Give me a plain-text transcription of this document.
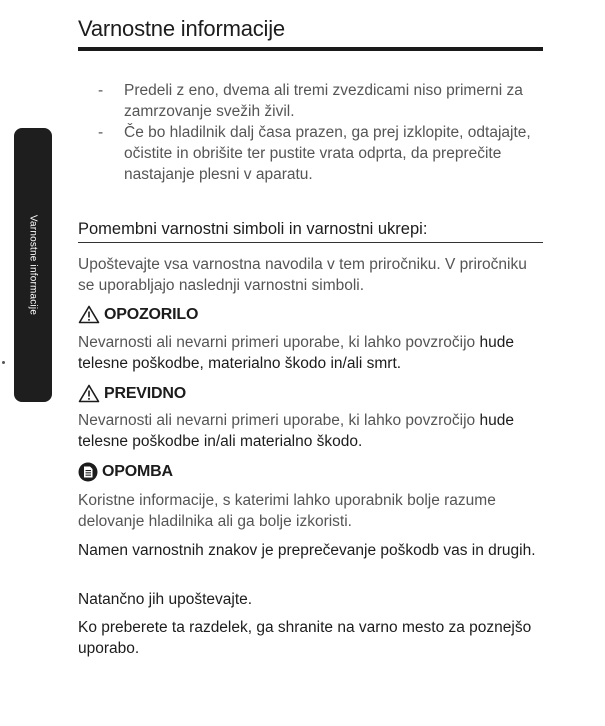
Varnostne informacije
Varnostne informacije
- Predeli z eno, dvema ali tremi zvezdicami niso primerni za zamrzovanje svežih živil.
- Če bo hladilnik dalj časa prazen, ga prej izklopite, odtajajte, očistite in obrišite ter pustite vrata odprta, da preprečite nastajanje plesni v aparatu.
Pomembni varnostni simboli in varnostni ukrepi:

Upoštevajte vsa varnostna navodila v tem priročniku. V priročniku se uporabljajo naslednji varnostni simboli.

OPOZORILO

Nevarnosti ali nevarni primeri uporabe, ki lahko povzročijo hude telesne poškodbe, materialno škodo in/ali smrt.

PREVIDNO

Nevarnosti ali nevarni primeri uporabe, ki lahko povzročijo hude telesne poškodbe in/ali materialno škodo.

OPOMBA

Koristne informacije, s katerimi lahko uporabnik bolje razume delovanje hladilnika ali ga bolje izkoristi.

Namen varnostnih znakov je preprečevanje poškodb vas in drugih.

Natančno jih upoštevajte.

Ko preberete ta razdelek, ga shranite na varno mesto za poznejšo uporabo.
